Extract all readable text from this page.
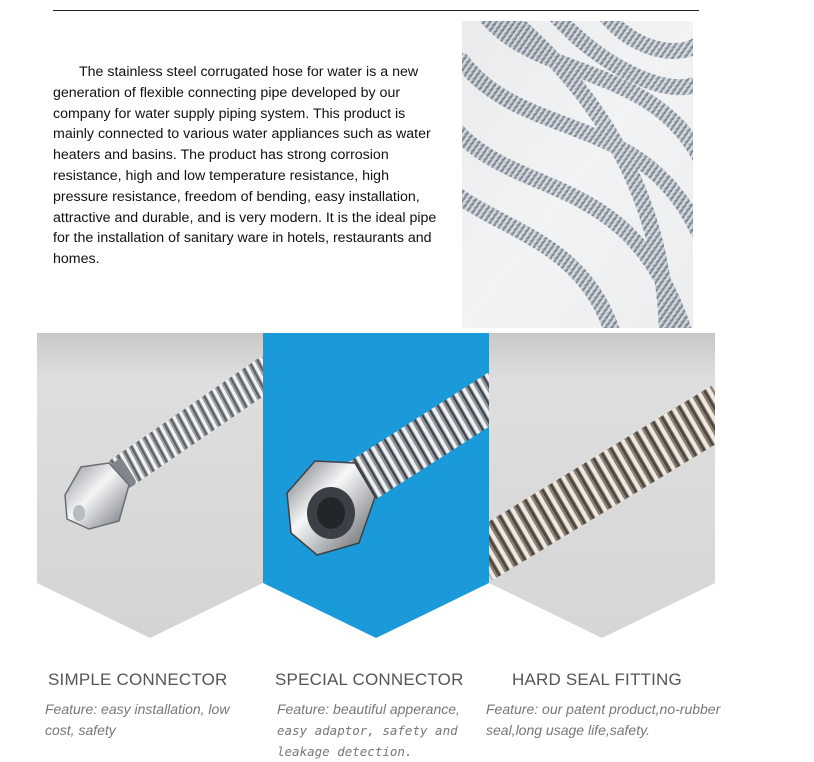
The stainless steel corrugated hose for water is a new generation of flexible connecting pipe developed by our company for water supply piping system. This product is mainly connected to various water appliances such as water heaters and basins. The product has strong corrosion resistance, high and low temperature resistance, high pressure resistance, freedom of bending, easy installation, attractive and durable, and is very modern. It is the ideal pipe for the installation of sanitary ware in hotels, restaurants and homes.

SIMPLE CONNECTOR
Feature: easy installation, low
cost, safety
SPECIAL CONNECTOR
Feature: beautiful apperance,
easy adaptor, safety and
leakage detection.
HARD SEAL FITTING
Feature: our patent product,no-rubber
seal,long usage life,safety.
